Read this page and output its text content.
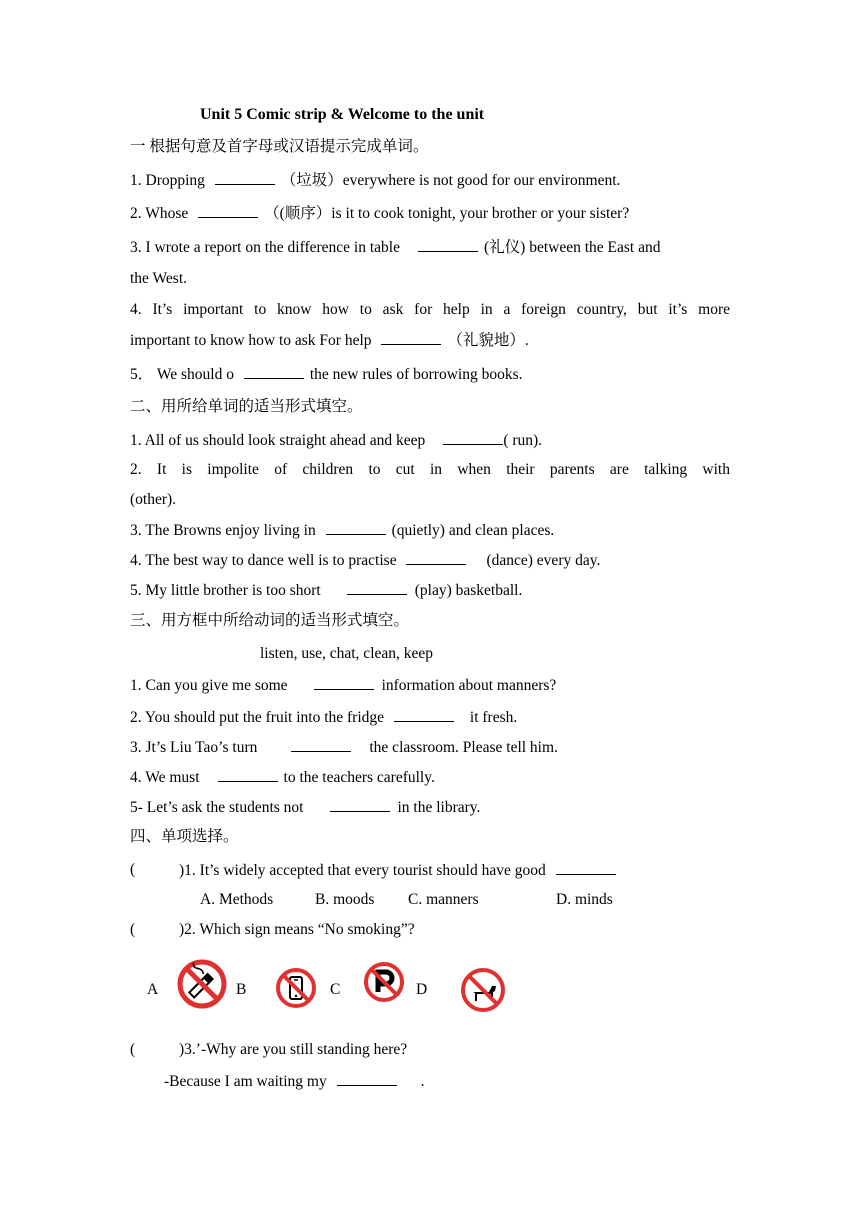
Unit 5 Comic strip & Welcome to the unit
一 根据句意及首字母或汉语提示完成单词。
1. Dropping	（垃圾）everywhere is not good for our environment.
2. Whose	（(顺序）is it to cook tonight, your brother or your sister?
3. I wrote a report on the difference in table	(礼仪) between the East and
the West.
4. It’s important to know how to ask for help in a foreign country, but it’s more
important to know how to ask For help	（礼貌地）.
5． We should o	the new rules of borrowing books.
二、用所给单词的适当形式填空。
1. All of us should look straight ahead and keep	( run).
2. It is impolite of children to cut in when their parents are talking with
(other).
3. The Browns enjoy living in	(quietly) and clean places.
4. The best way to dance well is to practise	(dance) every day.
5. My little brother is too short	(play) basketball.
三、用方框中所给动词的适当形式填空。
listen, use, chat, clean, keep
1. Can you give me some	information about manners?
2. You should put the fruit into the fridge	it fresh.
3. Jt’s Liu Tao’s turn	the classroom. Please tell him.
4. We must	to the teachers carefully.
5- Let’s ask the students not	in the library.
四、单项选择。
(	)1. It’s widely accepted that every tourist should have good
A. Methods	B. moods C. manners	D. minds
(	)2. Which sign means “No smoking”?
A	B	C	D
(	)3.’-Why are you still standing here?
-Because I am waiting my	.
